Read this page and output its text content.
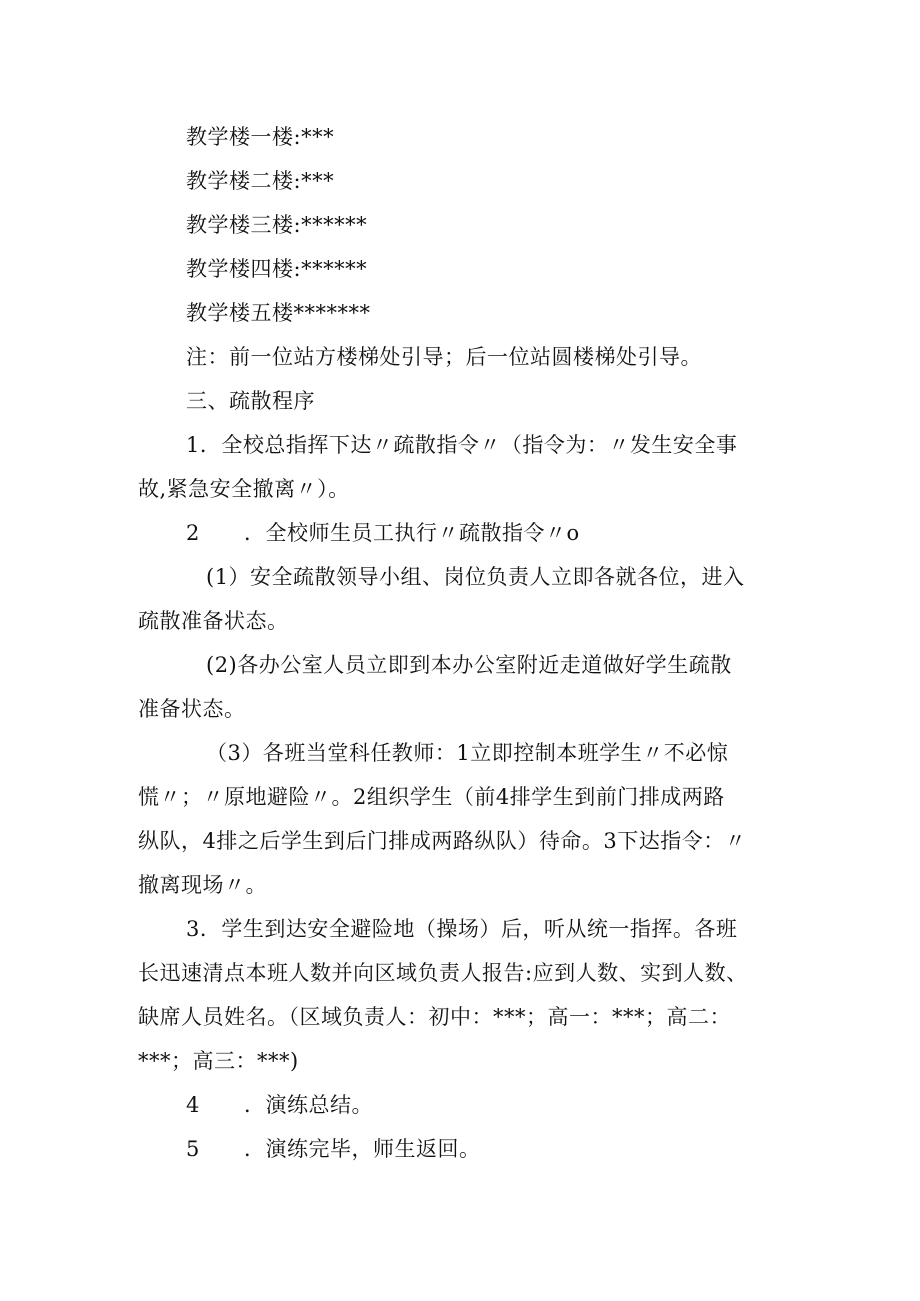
教学楼一楼:***
教学楼二楼:***
教学楼三楼:******
教学楼四楼:******
教学楼五楼*******
注：前一位站方楼梯处引导；后一位站圆楼梯处引导。
三、疏散程序
1．全校总指挥下达〃疏散指令〃（指令为：〃发生安全事
故,紧急安全撤离〃）。
2 ．全校师生员工执行〃疏散指令〃o
(1）安全疏散领导小组、岗位负责人立即各就各位，进入
疏散准备状态。
(2)各办公室人员立即到本办公室附近走道做好学生疏散
准备状态。
（3）各班当堂科任教师：1立即控制本班学生〃不必惊
慌〃；〃原地避险〃。2组织学生（前4排学生到前门排成两路
纵队，4排之后学生到后门排成两路纵队）待命。3下达指令：〃
撤离现场〃。
3．学生到达安全避险地（操场）后，听从统一指挥。各班
长迅速清点本班人数并向区域负责人报告:应到人数、实到人数、
缺席人员姓名。（区域负责人：初中：***；高一：***；高二：
***；高三：***)
4 ．演练总结。
5 ．演练完毕，师生返回。
